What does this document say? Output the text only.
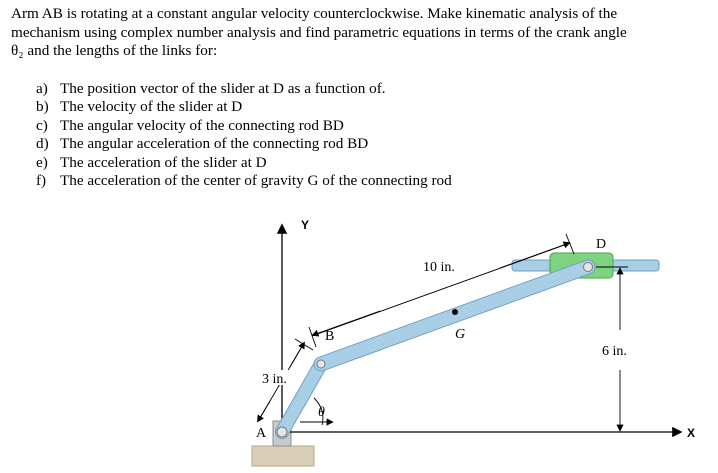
Arm AB is rotating at a constant angular velocity counterclockwise. Make kinematic analysis of the

mechanism using complex number analysis and find parametric equations in terms of the crank angle

θ₂ and the lengths of the links for:

a) The position vector of the slider at D as a function of.
b) The velocity of the slider at D
c) The angular velocity of the connecting rod BD
d) The angular acceleration of the connecting rod BD
e) The acceleration of the slider at D
f) The acceleration of the center of gravity G of the connecting rod
Y
X
A
B
D
G
3 in.
10 in.
6 in.
θ
